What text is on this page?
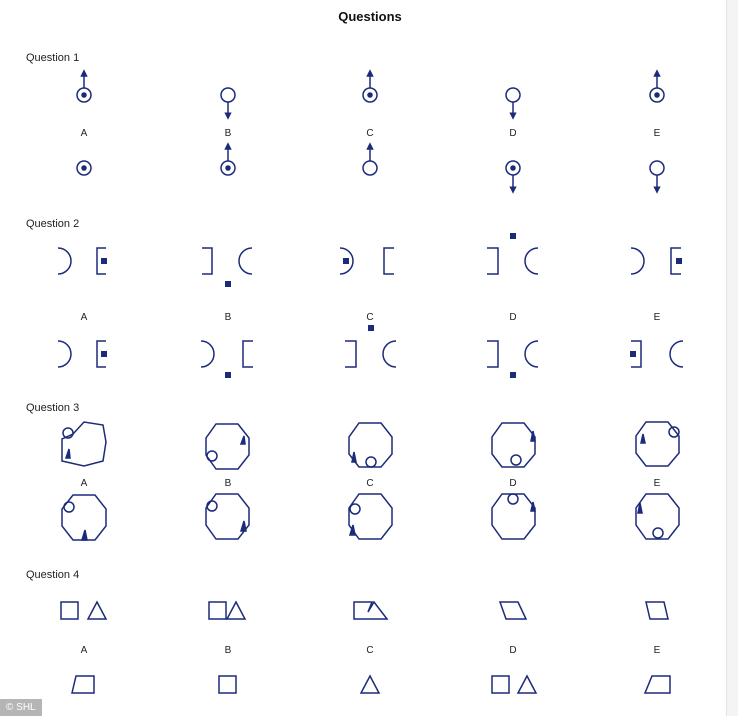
Questions
Question 1
Question 2
Question 3
Question 4
A	B	C	D	E
A	B	C	D	E
A	B	C	D	E
A	B	C	D	E
© SHL
